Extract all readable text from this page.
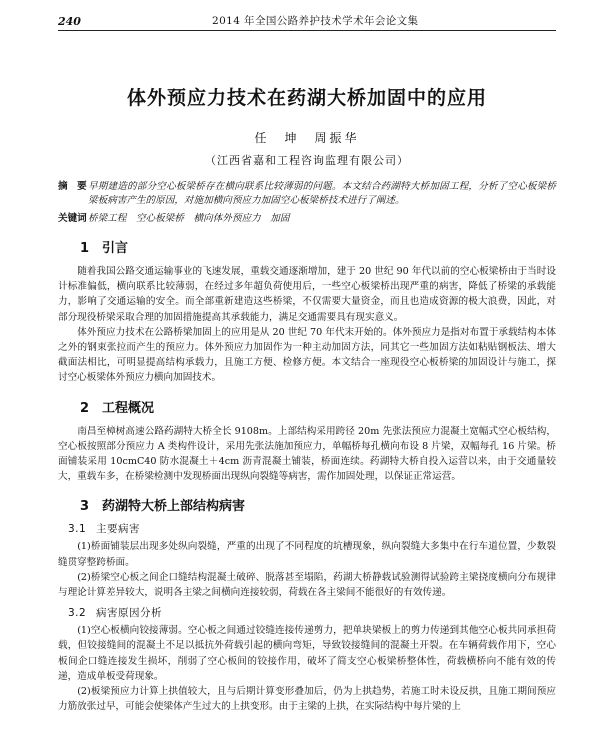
240	2014 年全国公路养护技术学术年会论文集
体外预应力技术在药湖大桥加固中的应用
任　坤　周振华
（江西省嘉和工程咨询监理有限公司）
摘　要 早期建造的部分空心板梁桥存在横向联系比较薄弱的问题。本文结合药湖特大桥加固工程，分析了空心板梁桥梁板病害产生的原因，对施加横向预应力加固空心板梁桥技术进行了阐述。
关键词 桥梁工程　空心板梁桥　横向体外预应力　加固
1 引言

随着我国公路交通运输事业的飞速发展，重载交通逐渐增加，建于 20 世纪 90 年代以前的空心板梁桥由于当时设计标准偏低，横向联系比较薄弱，在经过多年超负荷使用后，一些空心板梁桥出现严重的病害，降低了桥梁的承载能力，影响了交通运输的安全。而全部重新建造这些桥梁，不仅需要大量资金，而且也造成资源的极大浪费，因此，对部分现役桥梁采取合理的加固措施提高其承载能力，满足交通需要具有现实意义。

体外预应力技术在公路桥梁加固上的应用是从 20 世纪 70 年代末开始的。体外预应力是指对布置于承载结构本体之外的钢束张拉而产生的预应力。体外预应力加固作为一种主动加固方法，同其它一些加固方法如粘贴钢板法、增大截面法相比，可明显提高结构承载力，且施工方便、检修方便。本文结合一座现役空心板桥梁的加固设计与施工，探讨空心板梁体外预应力横向加固技术。

2 工程概况

南昌至樟树高速公路药湖特大桥全长 9108m。上部结构采用跨径 20m 先张法预应力混凝土宽幅式空心板结构，空心板按照部分预应力 A 类构件设计，采用先张法施加预应力，单幅桥每孔横向布设 8 片梁，双幅每孔 16 片梁。桥面铺装采用 10cmC40 防水混凝土＋4cm 沥青混凝土铺装，桥面连续。药湖特大桥自投入运营以来，由于交通量较大，重载车多，在桥梁检测中发现桥面出现纵向裂缝等病害，需作加固处理，以保证正常运营。

3 药湖特大桥上部结构病害
3.1 主要病害

(1)桥面铺装层出现多处纵向裂缝，严重的出现了不同程度的坑槽现象，纵向裂缝大多集中在行车道位置，少数裂缝贯穿整跨桥面。

(2)桥梁空心板之间企口缝结构混凝土破碎、脱落甚至塌陷，药湖大桥静载试验测得试验跨主梁挠度横向分布规律与理论计算差异较大，说明各主梁之间横向连接较弱，荷载在各主梁间不能很好的有效传递。

3.2 病害原因分析

(1)空心板横向铰接薄弱。空心板之间通过铰缝连接传递剪力，把单块梁板上的剪力传递到其他空心板共同承担荷载，但铰接缝间的混凝土不足以抵抗外荷载引起的横向弯矩，导致铰接缝间的混凝土开裂。在车辆荷载作用下，空心板间企口缝连接发生损坏，削弱了空心板间的铰接作用，破坏了简支空心板梁桥整体性，荷载横桥向不能有效的传递，造成单板受荷现象。

(2)板梁预应力计算上拱值较大，且与后期计算变形叠加后，仍为上拱趋势，若施工时未设反拱，且施工期间预应力筋放张过早，可能会使梁体产生过大的上拱变形。由于主梁的上拱，在实际结构中每片梁的上
